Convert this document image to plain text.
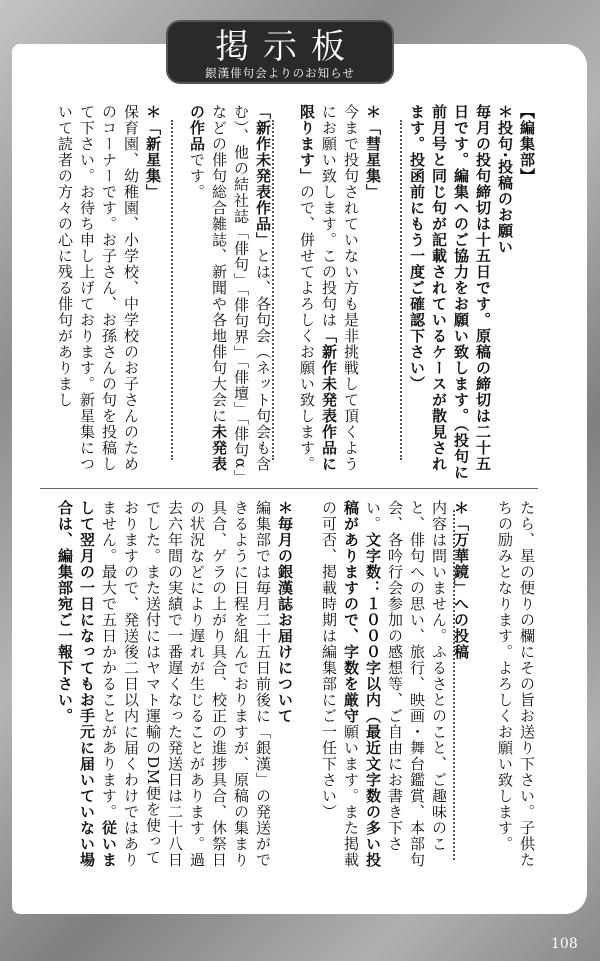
掲示板
銀漢俳句会よりのお知らせ

【編集部】

＊投句·投稿のお願い

毎月の投句締切は十五日です。原稿の締切は二十五日です。編集へのご協力をお願い致します。（投句に前月号と同じ句が記載されているケースが散見されます。投函前にもう一度ご確認下さい）

＊「彗星集」

今まで投句されていない方も是非挑戦して頂くようにお願い致します。この投句は「新作未発表作品に限ります」ので、併せてよろしくお願い致します。

「新作未発表作品」とは、各句会（ネット句会も含む）、他の結社誌「俳句」「俳句界」「俳壇」「俳句α」などの俳句総合雑誌、新聞や各地俳句大会に未発表の作品です。

＊「新星集」

保育園、幼稚園、小学校、中学校のお子さんのためのコーナーです。お子さん、お孫さんの句を投稿して下さい。お待ち申し上げております。新星集について読者の方々の心に残る俳句がありまし

たら、星の便りの欄にその旨お送り下さい。子供たちの励みとなります。よろしくお願い致します。

＊「万華鏡」への投稿

内容は問いません。ふるさとのこと、ご趣味のこと、俳句への思い、旅行、映画・舞台鑑賞、本部句会、各吟行会参加の感想等、ご自由にお書き下さい。文字数：１０００字以内（最近文字数の多い投稿がありますので、字数を厳守願います。また掲載の可否、掲載時期は編集部にご一任下さい）

＊毎月の銀漢誌お届けについて

編集部では毎月二十五日前後に「銀漢」の発送ができるように日程を組んでおりますが、原稿の集まり具合、ゲラの上がり具合、校正の進捗具合、休祭日の状況などにより遅れが生じることがあります。過去六年間の実績で一番遅くなった発送日は二十八日でした。また送付にはヤマト運輸のDM便を使っておりますので、発送後二日以内に届くわけではありません。最大で五日かかることがあります。従いまして翌月の一日になってもお手元に届いていない場合は、編集部宛ご一報下さい。

108
